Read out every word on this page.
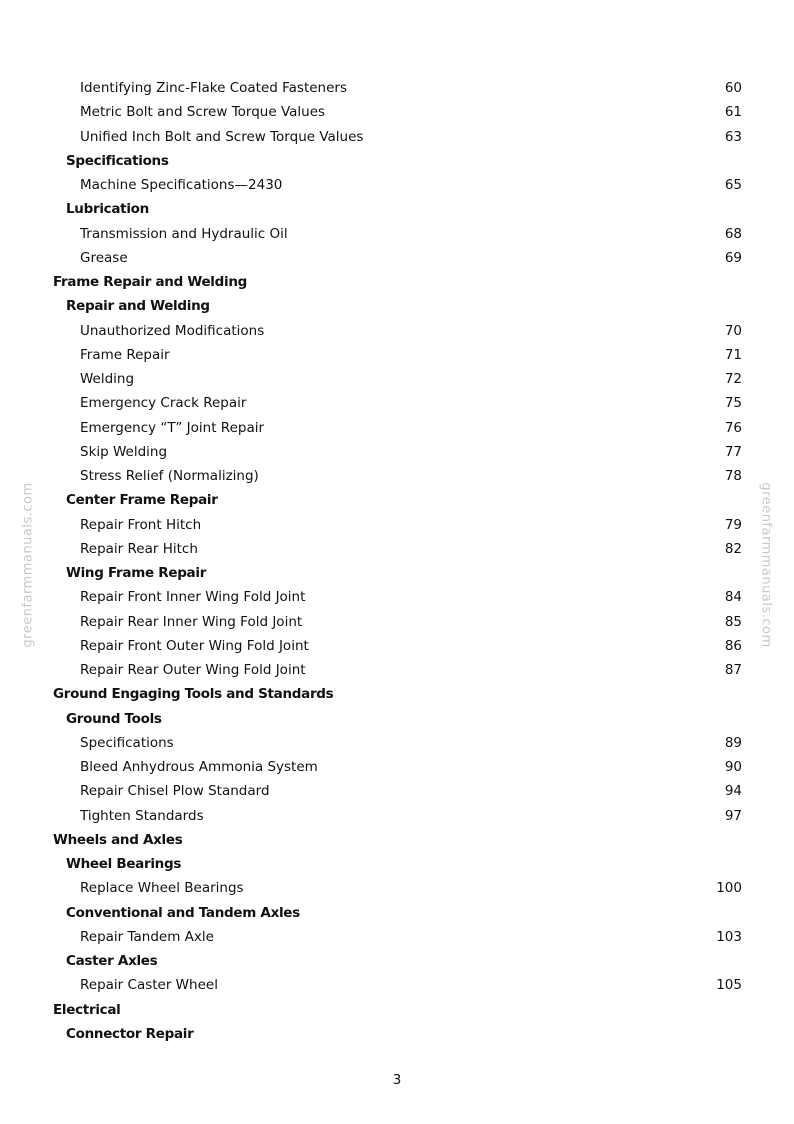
Identifying Zinc-Flake Coated Fasteners	60
Metric Bolt and Screw Torque Values	61
Unified Inch Bolt and Screw Torque Values	63
Specifications
Machine Specifications—2430	65
Lubrication
Transmission and Hydraulic Oil	68
Grease	69
Frame Repair and Welding
Repair and Welding
Unauthorized Modifications	70
Frame Repair	71
Welding	72
Emergency Crack Repair	75
Emergency “T” Joint Repair	76
Skip Welding	77
Stress Relief (Normalizing)	78
Center Frame Repair
Repair Front Hitch	79
Repair Rear Hitch	82
Wing Frame Repair
Repair Front Inner Wing Fold Joint	84
Repair Rear Inner Wing Fold Joint	85
Repair Front Outer Wing Fold Joint	86
Repair Rear Outer Wing Fold Joint	87
Ground Engaging Tools and Standards
Ground Tools
Specifications	89
Bleed Anhydrous Ammonia System	90
Repair Chisel Plow Standard	94
Tighten Standards	97
Wheels and Axles
Wheel Bearings
Replace Wheel Bearings	100
Conventional and Tandem Axles
Repair Tandem Axle	103
Caster Axles
Repair Caster Wheel	105
Electrical
Connector Repair
3
greenfarmmanuals.com	greenfarmmanuals.com
